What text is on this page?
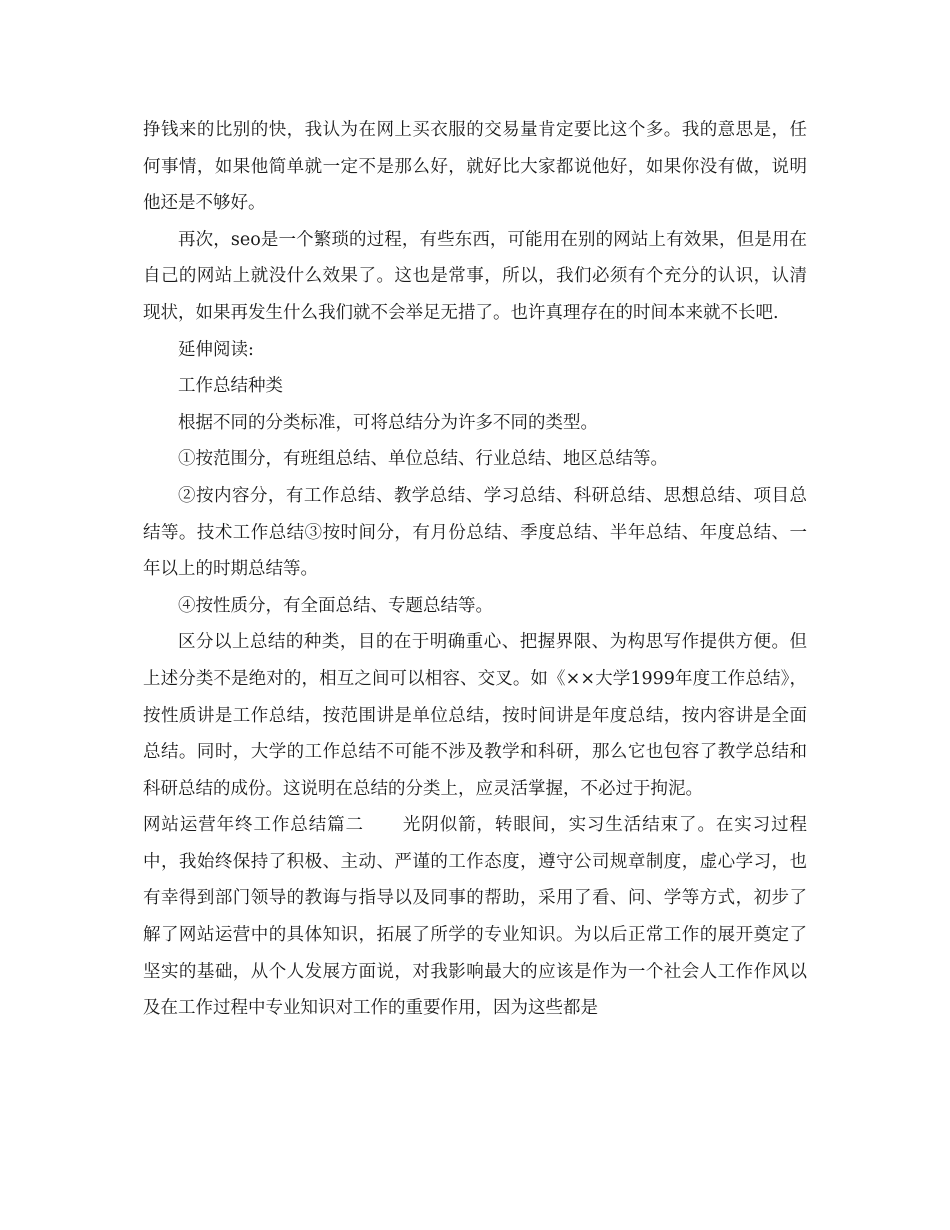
挣钱来的比别的快，我认为在网上买衣服的交易量肯定要比这个多。我的意思是，任何事情，如果他简单就一定不是那么好，就好比大家都说他好，如果你没有做，说明他还是不够好。

再次，seo是一个繁琐的过程，有些东西，可能用在别的网站上有效果，但是用在自己的网站上就没什么效果了。这也是常事，所以，我们必须有个充分的认识，认清现状，如果再发生什么我们就不会举足无措了。也许真理存在的时间本来就不长吧.

延伸阅读:

工作总结种类

根据不同的分类标准，可将总结分为许多不同的类型。

①按范围分，有班组总结、单位总结、行业总结、地区总结等。

②按内容分，有工作总结、教学总结、学习总结、科研总结、思想总结、项目总结等。技术工作总结③按时间分，有月份总结、季度总结、半年总结、年度总结、一年以上的时期总结等。

④按性质分，有全面总结、专题总结等。

区分以上总结的种类，目的在于明确重心、把握界限、为构思写作提供方便。但上述分类不是绝对的，相互之间可以相容、交叉。如《××大学1999年度工作总结》，按性质讲是工作总结，按范围讲是单位总结，按时间讲是年度总结，按内容讲是全面总结。同时，大学的工作总结不可能不涉及教学和科研，那么它也包容了教学总结和科研总结的成份。这说明在总结的分类上，应灵活掌握，不必过于拘泥。

网站运营年终工作总结篇二 光阴似箭，转眼间，实习生活结束了。在实习过程中，我始终保持了积极、主动、严谨的工作态度，遵守公司规章制度，虚心学习，也有幸得到部门领导的教诲与指导以及同事的帮助，采用了看、问、学等方式，初步了解了网站运营中的具体知识，拓展了所学的专业知识。为以后正常工作的展开奠定了坚实的基础，从个人发展方面说，对我影响最大的应该是作为一个社会人工作作风以及在工作过程中专业知识对工作的重要作用，因为这些都是
